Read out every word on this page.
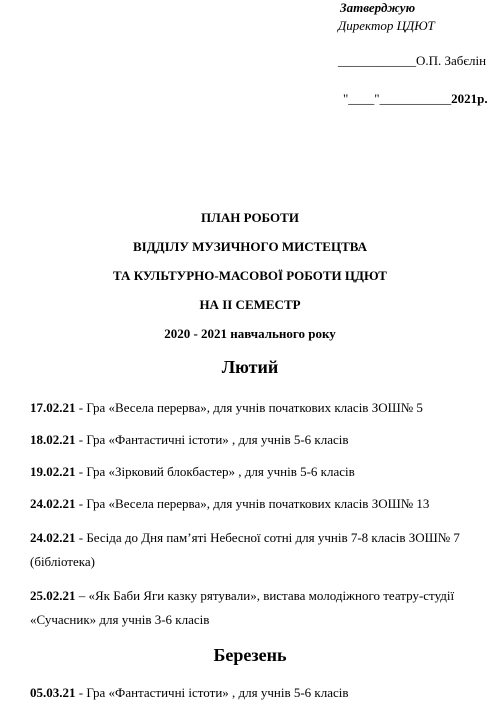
Затверджую
Директор ЦДЮТ
____________О.П. Забєлін
"____"___________2021р.
ПЛАН РОБОТИ
ВІДДІЛУ МУЗИЧНОГО МИСТЕЦТВА
ТА КУЛЬТУРНО-МАСОВОЇ РОБОТИ ЦДЮТ
НА ІІ СЕМЕСТР
2020 - 2021 навчального року
Лютий
17.02.21 - Гра «Весела перерва», для учнів початкових класів ЗОШ№ 5
18.02.21 - Гра «Фантастичні істоти» , для учнів 5-6 класів
19.02.21 - Гра «Зірковий блокбастер» , для учнів 5-6 класів
24.02.21 - Гра «Весела перерва», для учнів початкових класів ЗОШ№ 13
24.02.21 - Бесіда до Дня пам’яті Небесної сотні для учнів 7-8 класів ЗОШ№ 7 (бібліотека)
25.02.21 – «Як Баби Яги казку рятували», вистава молодіжного театру-студії «Сучасник» для учнів 3-6 класів
Березень
05.03.21 - Гра «Фантастичні істоти» , для учнів 5-6 класів
